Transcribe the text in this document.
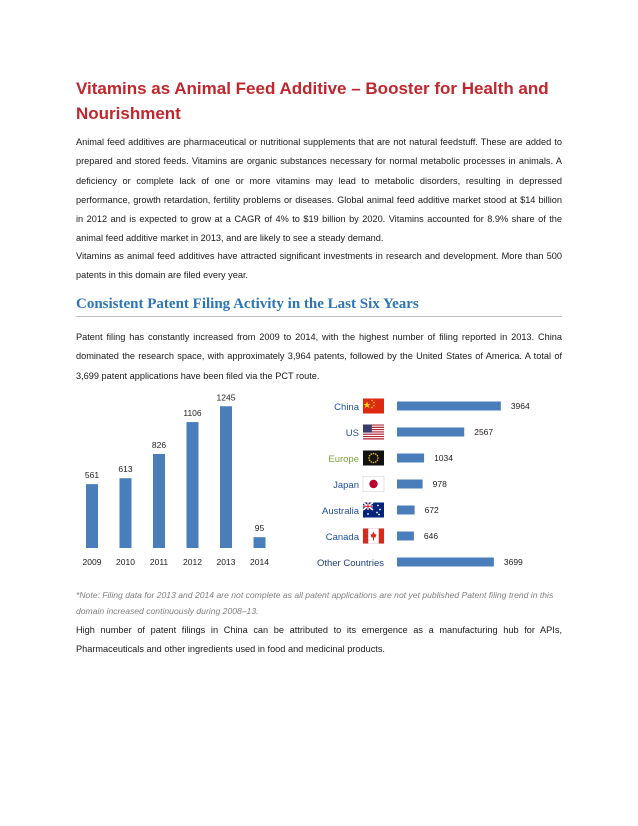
Vitamins as Animal Feed Additive – Booster for Health and Nourishment

Animal feed additives are pharmaceutical or nutritional supplements that are not natural feedstuff. These are added to prepared and stored feeds. Vitamins are organic substances necessary for normal metabolic processes in animals. A deficiency or complete lack of one or more vitamins may lead to metabolic disorders, resulting in depressed performance, growth retardation, fertility problems or diseases. Global animal feed additive market stood at $14 billion in 2012 and is expected to grow at a CAGR of 4% to $19 billion by 2020. Vitamins accounted for 8.9% share of the animal feed additive market in 2013, and are likely to see a steady demand.

Vitamins as animal feed additives have attracted significant investments in research and development. More than 500 patents in this domain are filed every year.

Consistent Patent Filing Activity in the Last Six Years

Patent filing has constantly increased from 2009 to 2014, with the highest number of filing reported in 2013. China dominated the research space, with approximately 3,964 patents, followed by the United States of America. A total of 3,699 patent applications have been filed via the PCT route.

561
2009
613
2010
826
2011
1106
2012
1245
2013
95
2014
China	3964
US	2567
Europe	1034
Japan	978
Australia	672
Canada	646
Other Countries	3699

*Note: Filing data for 2013 and 2014 are not complete as all patent applications are not yet published Patent filing trend in this domain increased continuously during 2008–13.

High number of patent filings in China can be attributed to its emergence as a manufacturing hub for APIs, Pharmaceuticals and other ingredients used in food and medicinal products.
